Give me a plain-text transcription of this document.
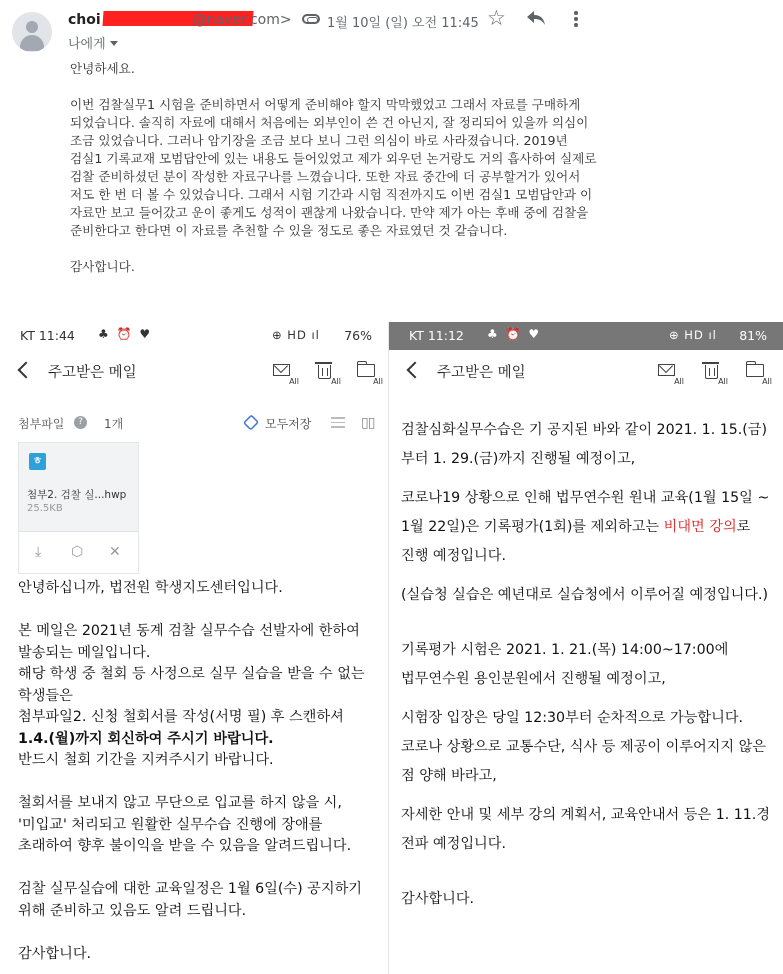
choi	@naver.com>
나에게
1월 10일 (일) 오전 11:45 ☆

안녕하세요.

이번 검찰실무1 시험을 준비하면서 어떻게 준비해야 할지 막막했었고 그래서 자료를 구매하게 되었습니다. 솔직히 자료에 대해서 처음에는 외부인이 쓴 건 아닌지, 잘 정리되어 있을까 의심이 조금 있었습니다. 그러나 암기장을 조금 보다 보니 그런 의심이 바로 사라졌습니다. 2019년 검실1 기록교재 모범답안에 있는 내용도 들어있었고 제가 외우던 논거랑도 거의 흡사하여 실제로 검찰 준비하셨던 분이 작성한 자료구나를 느꼈습니다. 또한 자료 중간에 더 공부할거가 있어서 저도 한 번 더 볼 수 있었습니다. 그래서 시험 기간과 시험 직전까지도 이번 검실1 모범답안과 이 자료만 보고 들어갔고 운이 좋게도 성적이 괜찮게 나왔습니다. 만약 제가 아는 후배 중에 검찰을 준비한다고 한다면 이 자료를 추천할 수 있을 정도로 좋은 자료였던 것 같습니다.

감사합니다.

KT 11:44 ♣ ⏰ ♥	⊕ HD ıl 76%
주고받은 메일
All	All	All
첨부파일	?	1개	모두저장	▯▯
ㅎ
첨부2. 검찰 실...hwp
25.5KB
⤓ ⬡ ✕

안녕하십니까, 법전원 학생지도센터입니다.

본 메일은 2021년 동계 검찰 실무수습 선발자에 한하여 발송되는 메일입니다.

해당 학생 중 철회 등 사정으로 실무 실습을 받을 수 없는 학생들은

첨부파일2. 신청 철회서를 작성(서명 필) 후 스캔하셔
1.4.(월)까지 회신하여 주시기 바랍니다.

반드시 철회 기간을 지켜주시기 바랍니다.

철회서를 보내지 않고 무단으로 입교를 하지 않을 시, '미입교' 처리되고 원활한 실무수습 진행에 장애를 초래하여 향후 불이익을 받을 수 있음을 알려드립니다.

검찰 실무실습에 대한 교육일정은 1월 6일(수) 공지하기 위해 준비하고 있음도 알려 드립니다.

감사합니다.

KT 11:12 ♣ ⏰ ♥	⊕ HD ıl 81%
주고받은 메일
All	All	All

검찰심화실무수습은 기 공지된 바와 같이 2021. 1. 15.(금)부터 1. 29.(금)까지 진행될 예정이고,

코로나19 상황으로 인해 법무연수원 원내 교육(1월 15일 ~ 1월 22일)은 기록평가(1회)를 제외하고는 비대면 강의로 진행 예정입니다.

(실습청 실습은 예년대로 실습청에서 이루어질 예정입니다.)

기록평가 시험은 2021. 1. 21.(목) 14:00~17:00에 법무연수원 용인분원에서 진행될 예정이고,

시험장 입장은 당일 12:30부터 순차적으로 가능합니다. 코로나 상황으로 교통수단, 식사 등 제공이 이루어지지 않은 점 양해 바라고,

자세한 안내 및 세부 강의 계획서, 교육안내서 등은 1. 11.경 전파 예정입니다.

감사합니다.
